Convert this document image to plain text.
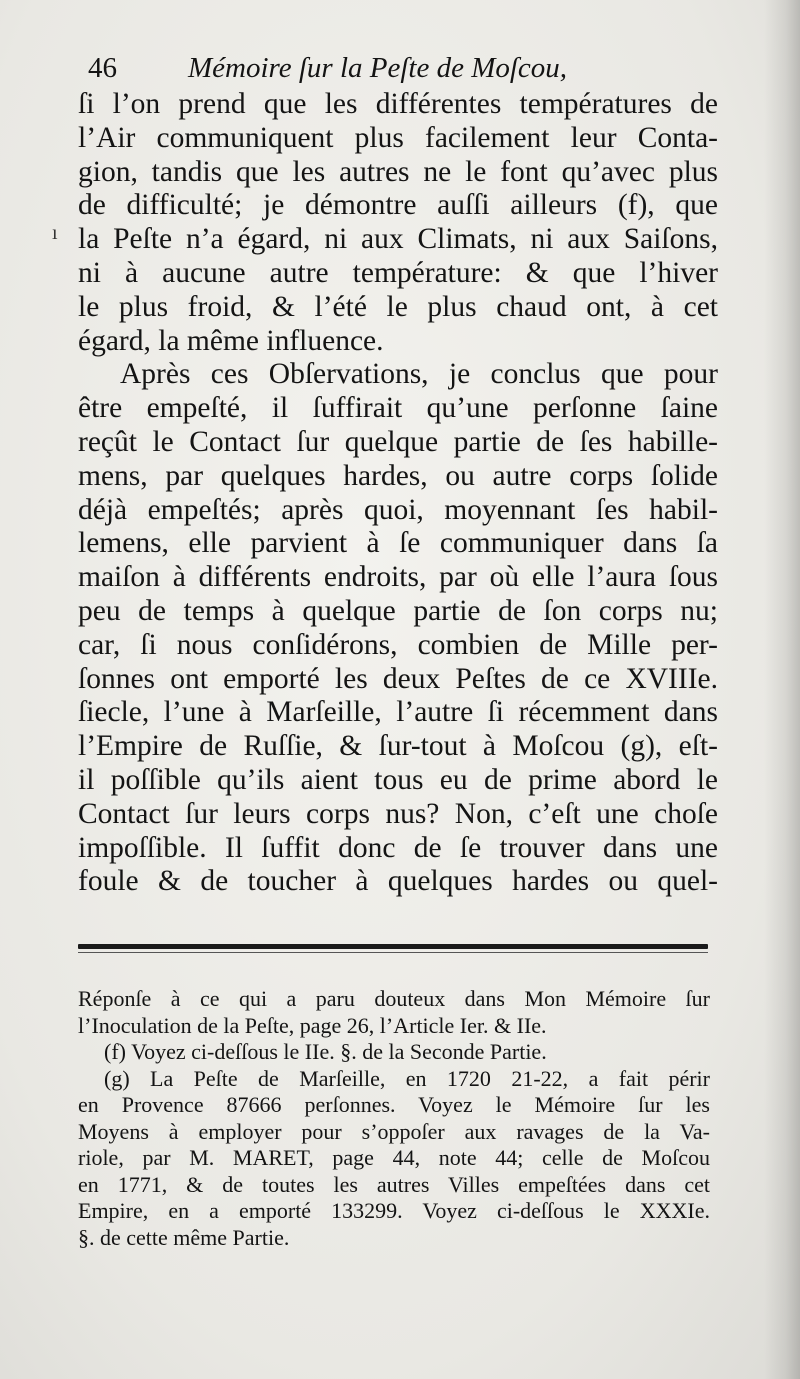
46 Mémoire ſur la Peſte de Moſcou,
ı
ſi l’on prend que les différentes températures de
l’Air communiquent plus facilement leur Conta-
gion, tandis que les autres ne le font qu’avec plus
de difficulté; je démontre auſſi ailleurs (f), que
la Peſte n’a égard, ni aux Climats, ni aux Saiſons,
ni à aucune autre température: & que l’hiver
le plus froid, & l’été le plus chaud ont, à cet
égard, la même influence.
Après ces Obſervations, je conclus que pour
être empeſté, il ſuffirait qu’une perſonne ſaine
reçût le Contact ſur quelque partie de ſes habille-
mens, par quelques hardes, ou autre corps ſolide
déjà empeſtés; après quoi, moyennant ſes habil-
lemens, elle parvient à ſe communiquer dans ſa
maiſon à différents endroits, par où elle l’aura ſous
peu de temps à quelque partie de ſon corps nu;
car, ſi nous conſidérons, combien de Mille per-
ſonnes ont emporté les deux Peſtes de ce XVIIIe.
ſiecle, l’une à Marſeille, l’autre ſi récemment dans
l’Empire de Ruſſie, & ſur-tout à Moſcou (g), eſt-
il poſſible qu’ils aient tous eu de prime abord le
Contact ſur leurs corps nus? Non, c’eſt une choſe
impoſſible. Il ſuffit donc de ſe trouver dans une
foule & de toucher à quelques hardes ou quel-
Réponſe à ce qui a paru douteux dans Mon Mémoire ſur
l’Inoculation de la Peſte, page 26, l’Article Ier. & IIe.
(f) Voyez ci-deſſous le IIe. §. de la Seconde Partie.
(g) La Peſte de Marſeille, en 1720 21-22, a fait périr
en Provence 87666 perſonnes. Voyez le Mémoire ſur les
Moyens à employer pour s’oppoſer aux ravages de la Va-
riole, par M. MARET, page 44, note 44; celle de Moſcou
en 1771, & de toutes les autres Villes empeſtées dans cet
Empire, en a emporté 133299. Voyez ci-deſſous le XXXIe.
§. de cette même Partie.
